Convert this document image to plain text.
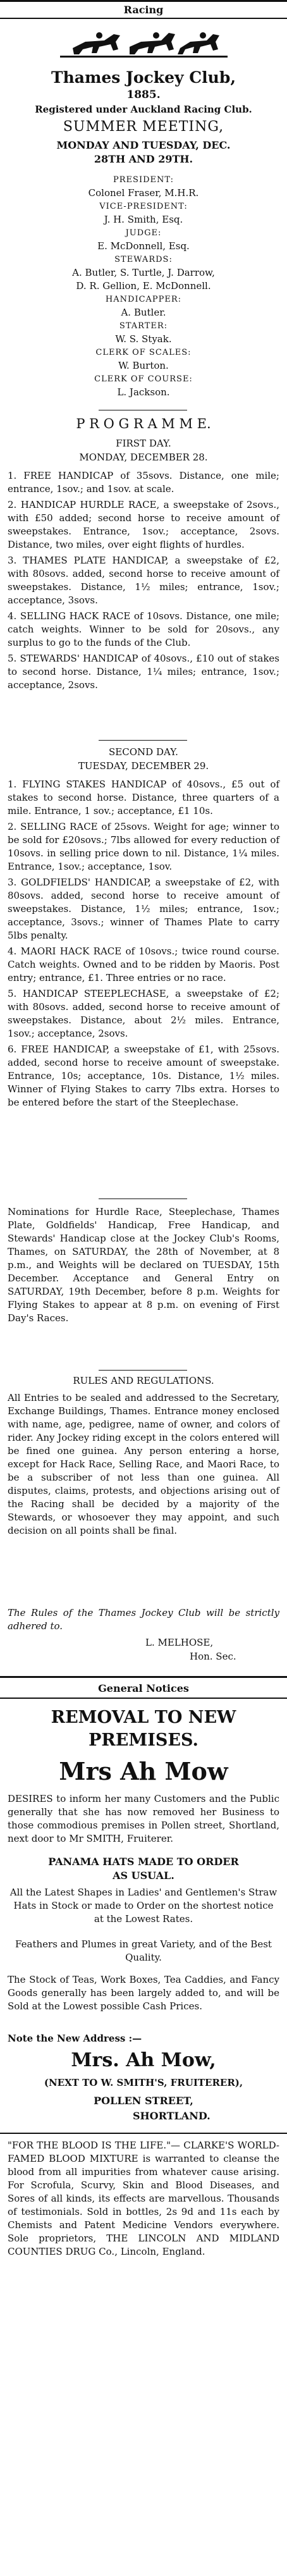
Racing
Thames Jockey Club,
1885.
Registered under Auckland Racing Club.
SUMMER MEETING,
MONDAY AND TUESDAY, DEC.
28TH AND 29TH.
PRESIDENT:
Colonel Fraser, M.H.R.
VICE-PRESIDENT:
J. H. Smith, Esq.
JUDGE:
E. McDonnell, Esq.
STEWARDS:
A. Butler, S. Turtle, J. Darrow,
D. R. Gellion, E. McDonnell.
HANDICAPPER:
A. Butler.
STARTER:
W. S. Styak.
CLERK OF SCALES:
W. Burton.
CLERK OF COURSE:
L. Jackson.
P R O G R A M M E.
FIRST DAY.
MONDAY, DECEMBER 28.

1. FREE HANDICAP of 35sovs. Distance, one mile; entrance, 1sov.; and 1sov. at scale.

2. HANDICAP HURDLE RACE, a sweepstake of 2sovs., with £50 added; second horse to receive amount of sweepstakes. Entrance, 1sov.; acceptance, 2sovs. Distance, two miles, over eight flights of hurdles.

3. THAMES PLATE HANDICAP, a sweepstake of £2, with 80sovs. added, second horse to receive amount of sweepstakes. Distance, 1½ miles; entrance, 1sov.; acceptance, 3sovs.

4. SELLING HACK RACE of 10sovs. Distance, one mile; catch weights. Winner to be sold for 20sovs., any surplus to go to the funds of the Club.

5. STEWARDS' HANDICAP of 40sovs., £10 out of stakes to second horse. Distance, 1¼ miles; entrance, 1sov.; acceptance, 2sovs.

SECOND DAY.
TUESDAY, DECEMBER 29.

1. FLYING STAKES HANDICAP of 40sovs., £5 out of stakes to second horse. Distance, three quarters of a mile. Entrance, 1 sov.; acceptance, £1 10s.

2. SELLING RACE of 25sovs. Weight for age; winner to be sold for £20sovs.; 7lbs allowed for every reduction of 10sovs. in selling price down to nil. Distance, 1¼ miles. Entrance, 1sov.; acceptance, 1sov.

3. GOLDFIELDS' HANDICAP, a sweepstake of £2, with 80sovs. added, second horse to receive amount of sweepstakes. Distance, 1½ miles; entrance, 1sov.; acceptance, 3sovs.; winner of Thames Plate to carry 5lbs penalty.

4. MAORI HACK RACE of 10sovs.; twice round course. Catch weights. Owned and to be ridden by Maoris. Post entry; entrance, £1. Three entries or no race.

5. HANDICAP STEEPLECHASE, a sweepstake of £2; with 80sovs. added, second horse to receive amount of sweepstakes. Distance, about 2½ miles. Entrance, 1sov.; acceptance, 2sovs.

6. FREE HANDICAP, a sweepstake of £1, with 25sovs. added, second horse to receive amount of sweepstake. Entrance, 10s; acceptance, 10s. Distance, 1½ miles. Winner of Flying Stakes to carry 7lbs extra. Horses to be entered before the start of the Steeplechase.

Nominations for Hurdle Race, Steeplechase, Thames Plate, Goldfields' Handicap, Free Handicap, and Stewards' Handicap close at the Jockey Club's Rooms, Thames, on SATURDAY, the 28th of November, at 8 p.m., and Weights will be declared on TUESDAY, 15th December. Acceptance and General Entry on SATURDAY, 19th December, before 8 p.m. Weights for Flying Stakes to appear at 8 p.m. on evening of First Day's Races.

RULES AND REGULATIONS.

All Entries to be sealed and addressed to the Secretary, Exchange Buildings, Thames. Entrance money enclosed with name, age, pedigree, name of owner, and colors of rider. Any Jockey riding except in the colors entered will be fined one guinea. Any person entering a horse, except for Hack Race, Selling Race, and Maori Race, to be a subscriber of not less than one guinea. All disputes, claims, protests, and objections arising out of the Racing shall be decided by a majority of the Stewards, or whosoever they may appoint, and such decision on all points shall be final.

The Rules of the Thames Jockey Club will be strictly adhered to.

L. MELHOSE,
Hon. Sec.
General Notices
REMOVAL TO NEW
PREMISES.
Mrs Ah Mow

DESIRES to inform her many Customers and the Public generally that she has now removed her Business to those commodious premises in Pollen street, Shortland, next door to Mr SMITH, Fruiterer.

PANAMA HATS MADE TO ORDER
AS USUAL.

All the Latest Shapes in Ladies' and Gentlemen's Straw Hats in Stock or made to Order on the shortest notice at the Lowest Rates.

Feathers and Plumes in great Variety, and of the Best Quality.

The Stock of Teas, Work Boxes, Tea Caddies, and Fancy Goods generally has been largely added to, and will be Sold at the Lowest possible Cash Prices.

Note the New Address :—
Mrs. Ah Mow,
(NEXT TO W. SMITH'S, FRUITERER),
POLLEN STREET,
SHORTLAND.

"FOR THE BLOOD IS THE LIFE."— CLARKE'S WORLD-FAMED BLOOD MIXTURE is warranted to cleanse the blood from all impurities from whatever cause arising. For Scrofula, Scurvy, Skin and Blood Diseases, and Sores of all kinds, its effects are marvellous. Thousands of testimonials. Sold in bottles, 2s 9d and 11s each by Chemists and Patent Medicine Vendors everywhere. Sole proprietors, THE LINCOLN AND MIDLAND COUNTIES DRUG Co., Lincoln, England.
